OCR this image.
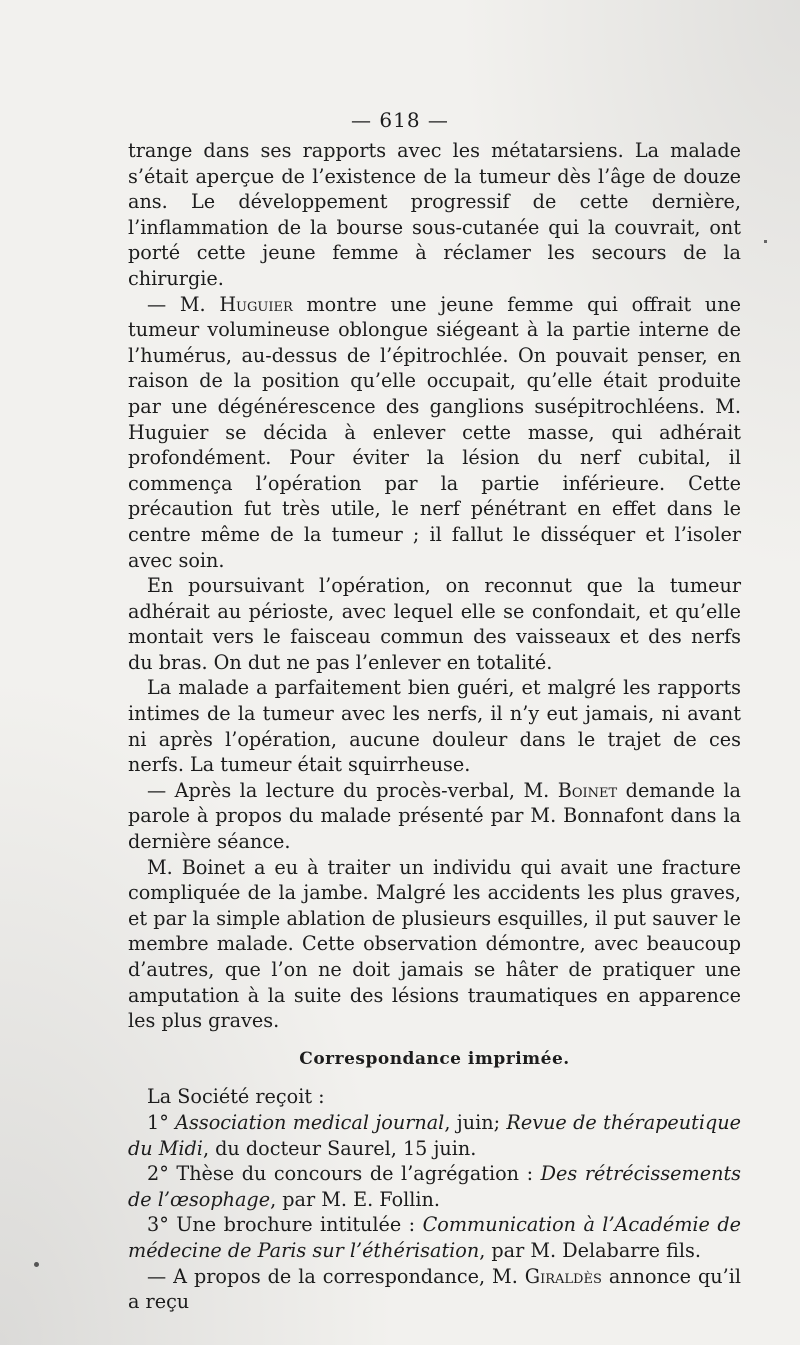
— 618 —

trange dans ses rapports avec les métatarsiens. La malade s’était aperçue de l’existence de la tumeur dès l’âge de douze ans. Le développement progressif de cette dernière, l’inflammation de la bourse sous-cutanée qui la couvrait, ont porté cette jeune femme à réclamer les secours de la chirurgie.

— M. Huguier montre une jeune femme qui offrait une tumeur volumineuse oblongue siégeant à la partie interne de l’humérus, au-dessus de l’épitrochlée. On pouvait penser, en raison de la position qu’elle occupait, qu’elle était produite par une dégénérescence des ganglions susépitrochléens. M. Huguier se décida à enlever cette masse, qui adhérait profondément. Pour éviter la lésion du nerf cubital, il commença l’opération par la partie inférieure. Cette précaution fut très utile, le nerf pénétrant en effet dans le centre même de la tumeur ; il fallut le disséquer et l’isoler avec soin.

En poursuivant l’opération, on reconnut que la tumeur adhérait au périoste, avec lequel elle se confondait, et qu’elle montait vers le faisceau commun des vaisseaux et des nerfs du bras. On dut ne pas l’enlever en totalité.

La malade a parfaitement bien guéri, et malgré les rapports intimes de la tumeur avec les nerfs, il n’y eut jamais, ni avant ni après l’opération, aucune douleur dans le trajet de ces nerfs. La tumeur était squirrheuse.

— Après la lecture du procès-verbal, M. Boinet demande la parole à propos du malade présenté par M. Bonnafont dans la dernière séance.

M. Boinet a eu à traiter un individu qui avait une fracture compliquée de la jambe. Malgré les accidents les plus graves, et par la simple ablation de plusieurs esquilles, il put sauver le membre malade. Cette observation démontre, avec beaucoup d’autres, que l’on ne doit jamais se hâter de pratiquer une amputation à la suite des lésions traumatiques en apparence les plus graves.

Correspondance imprimée.

La Société reçoit :

1° Association medical journal, juin; Revue de thérapeutique du Midi, du docteur Saurel, 15 juin.

2° Thèse du concours de l’agrégation : Des rétrécissements de l’œsophage, par M. E. Follin.

3° Une brochure intitulée : Communication à l’Académie de médecine de Paris sur l’éthérisation, par M. Delabarre fils.

— A propos de la correspondance, M. Giraldès annonce qu’il a reçu
